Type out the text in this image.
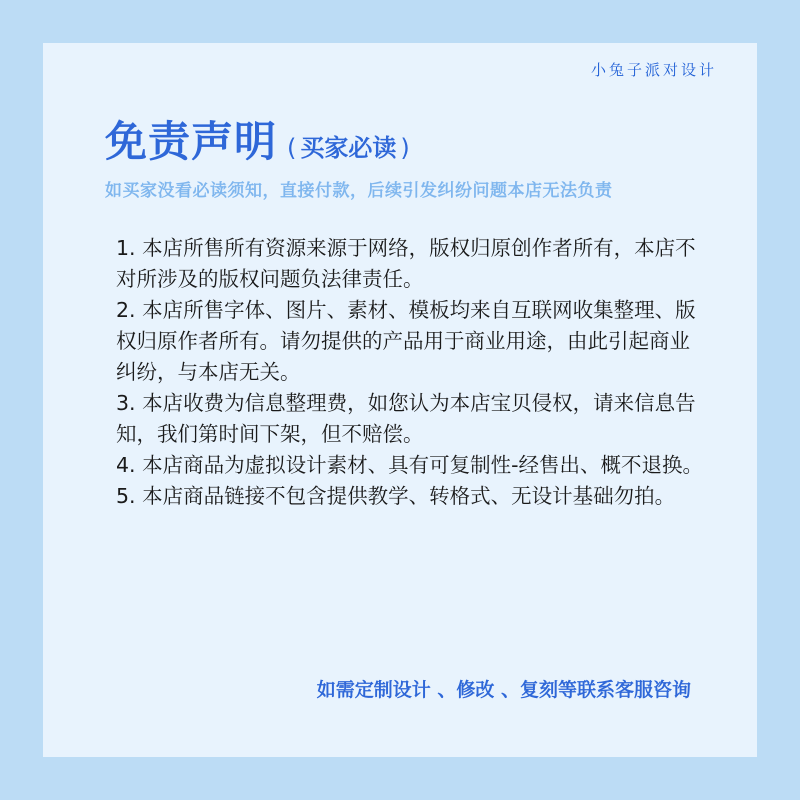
小兔子派对设计
免责声明 ( 买家必读 )
如买家没看必读须知，直接付款，后续引发纠纷问题本店无法负责
1. 本店所售所有资源来源于网络，版权归原创作者所有，本店不对所涉及的版权问题负法律责任。
2. 本店所售字体、图片、素材、模板均来自互联网收集整理、版权归原作者所有。请勿提供的产品用于商业用途，由此引起商业纠纷，与本店无关。
3. 本店收费为信息整理费，如您认为本店宝贝侵权，请来信息告知，我们第时间下架，但不赔偿。
4. 本店商品为虚拟设计素材、具有可复制性-经售出、概不退换。
5. 本店商品链接不包含提供教学、转格式、无设计基础勿拍。
如需定制设计 、修改 、复刻等联系客服咨询
